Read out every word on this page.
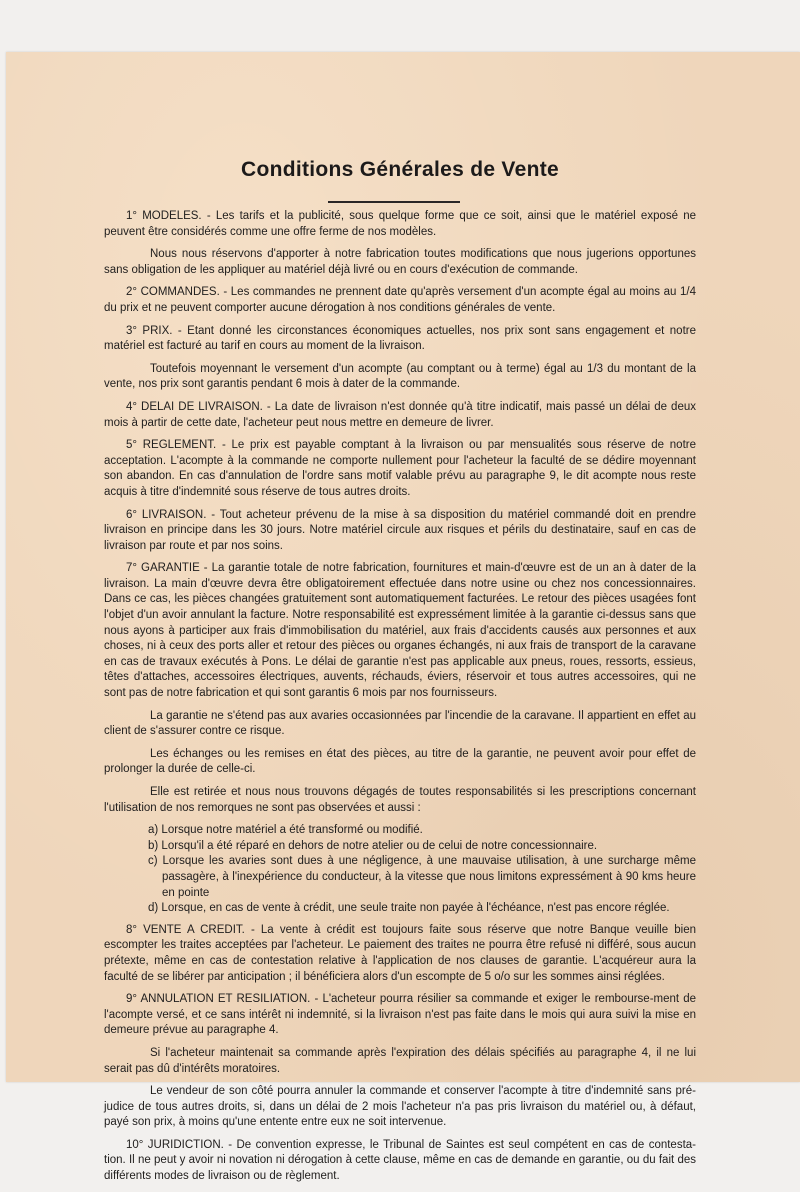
Conditions Générales de Vente

1° MODELES. - Les tarifs et la publicité, sous quelque forme que ce soit, ainsi que le matériel exposé ne peuvent être considérés comme une offre ferme de nos modèles.

Nous nous réservons d'apporter à notre fabrication toutes modifications que nous jugerions opportunes sans obligation de les appliquer au matériel déjà livré ou en cours d'exécution de commande.

2° COMMANDES. - Les commandes ne prennent date qu'après versement d'un acompte égal au moins au 1/4 du prix et ne peuvent comporter aucune dérogation à nos conditions générales de vente.

3° PRIX. - Etant donné les circonstances économiques actuelles, nos prix sont sans engagement et notre matériel est facturé au tarif en cours au moment de la livraison.

Toutefois moyennant le versement d'un acompte (au comptant ou à terme) égal au 1/3 du montant de la vente, nos prix sont garantis pendant 6 mois à dater de la commande.

4° DELAI DE LIVRAISON. - La date de livraison n'est donnée qu'à titre indicatif, mais passé un délai de deux mois à partir de cette date, l'acheteur peut nous mettre en demeure de livrer.

5° REGLEMENT. - Le prix est payable comptant à la livraison ou par mensualités sous réserve de notre acceptation. L'acompte à la commande ne comporte nullement pour l'acheteur la faculté de se dédire moyennant son abandon. En cas d'annulation de l'ordre sans motif valable prévu au paragraphe 9, le dit acompte nous reste acquis à titre d'indemnité sous réserve de tous autres droits.

6° LIVRAISON. - Tout acheteur prévenu de la mise à sa disposition du matériel commandé doit en prendre livraison en principe dans les 30 jours. Notre matériel circule aux risques et périls du destinataire, sauf en cas de livraison par route et par nos soins.

7° GARANTIE - La garantie totale de notre fabrication, fournitures et main-d'œuvre est de un an à dater de la livraison. La main d'œuvre devra être obligatoirement effectuée dans notre usine ou chez nos concessionnaires. Dans ce cas, les pièces changées gratuitement sont automatiquement facturées. Le retour des pièces usagées font l'objet d'un avoir annulant la facture. Notre responsabilité est expressément limitée à la garantie ci-dessus sans que nous ayons à participer aux frais d'immobilisation du matériel, aux frais d'accidents causés aux personnes et aux choses, ni à ceux des ports aller et retour des pièces ou organes échangés, ni aux frais de transport de la caravane en cas de travaux exécutés à Pons. Le délai de garantie n'est pas applicable aux pneus, roues, ressorts, essieus, têtes d'attaches, accessoires électriques, auvents, réchauds, éviers, réservoir et tous autres accessoires, qui ne sont pas de notre fabrication et qui sont garantis 6 mois par nos fournisseurs.

La garantie ne s'étend pas aux avaries occasionnées par l'incendie de la caravane. Il appartient en effet au client de s'assurer contre ce risque.

Les échanges ou les remises en état des pièces, au titre de la garantie, ne peuvent avoir pour effet de prolonger la durée de celle-ci.

Elle est retirée et nous nous trouvons dégagés de toutes responsabilités si les prescriptions concernant l'utilisation de nos remorques ne sont pas observées et aussi :

a) Lorsque notre matériel a été transformé ou modifié.
b) Lorsqu'il a été réparé en dehors de notre atelier ou de celui de notre concessionnaire.
c) Lorsque les avaries sont dues à une négligence, à une mauvaise utilisation, à une surcharge même passagère, à l'inexpérience du conducteur, à la vitesse que nous limitons expressément à 90 kms heure en pointe
d) Lorsque, en cas de vente à crédit, une seule traite non payée à l'échéance, n'est pas encore réglée.

8° VENTE A CREDIT. - La vente à crédit est toujours faite sous réserve que notre Banque veuille bien escompter les traites acceptées par l'acheteur. Le paiement des traites ne pourra être refusé ni différé, sous aucun prétexte, même en cas de contestation relative à l'application de nos clauses de garantie. L'acquéreur aura la faculté de se libérer par anticipation ; il bénéficiera alors d'un escompte de 5 o/o sur les sommes ainsi réglées.

9° ANNULATION ET RESILIATION. - L'acheteur pourra résilier sa commande et exiger le rembourse-ment de l'acompte versé, et ce sans intérêt ni indemnité, si la livraison n'est pas faite dans le mois qui aura suivi la mise en demeure prévue au paragraphe 4.

Si l'acheteur maintenait sa commande après l'expiration des délais spécifiés au paragraphe 4, il ne lui serait pas dû d'intérêts moratoires.

Le vendeur de son côté pourra annuler la commande et conserver l'acompte à titre d'indemnité sans pré-judice de tous autres droits, si, dans un délai de 2 mois l'acheteur n'a pas pris livraison du matériel ou, à défaut, payé son prix, à moins qu'une entente entre eux ne soit intervenue.

10° JURIDICTION. - De convention expresse, le Tribunal de Saintes est seul compétent en cas de contesta-tion. Il ne peut y avoir ni novation ni dérogation à cette clause, même en cas de demande en garantie, ou du fait des différents modes de livraison ou de règlement.
